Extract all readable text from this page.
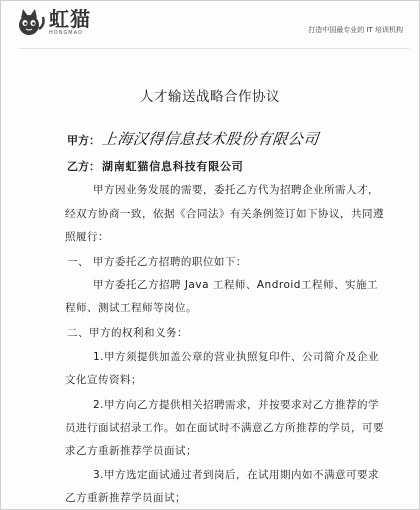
虹猫
HONGMAO	打造中国最专业的 IT 培训机构
人才输送战略合作协议
甲方： 上海汉得信息技术股份有限公司
乙方： 湖南虹猫信息科技有限公司
甲方因业务发展的需要，委托乙方代为招聘企业所需人才，
经双方协商一致，依据《合同法》有关条例签订如下协议，共同遵
照履行：
一、 甲方委托乙方招聘的职位如下：
甲方委托乙方招聘 Java 工程师、Android工程师、实施工
程师、测试工程师等岗位。
二、甲方的权利和义务：
1.甲方须提供加盖公章的营业执照复印件、公司简介及企业
文化宣传资料；
2.甲方向乙方提供相关招聘需求，并按要求对乙方推荐的学
员进行面试招录工作。如在面试时不满意乙方所推荐的学员，可要
求乙方重新推荐学员面试；
3.甲方选定面试通过者到岗后，在试用期内如不满意可要求
乙方重新推荐学员面试；
